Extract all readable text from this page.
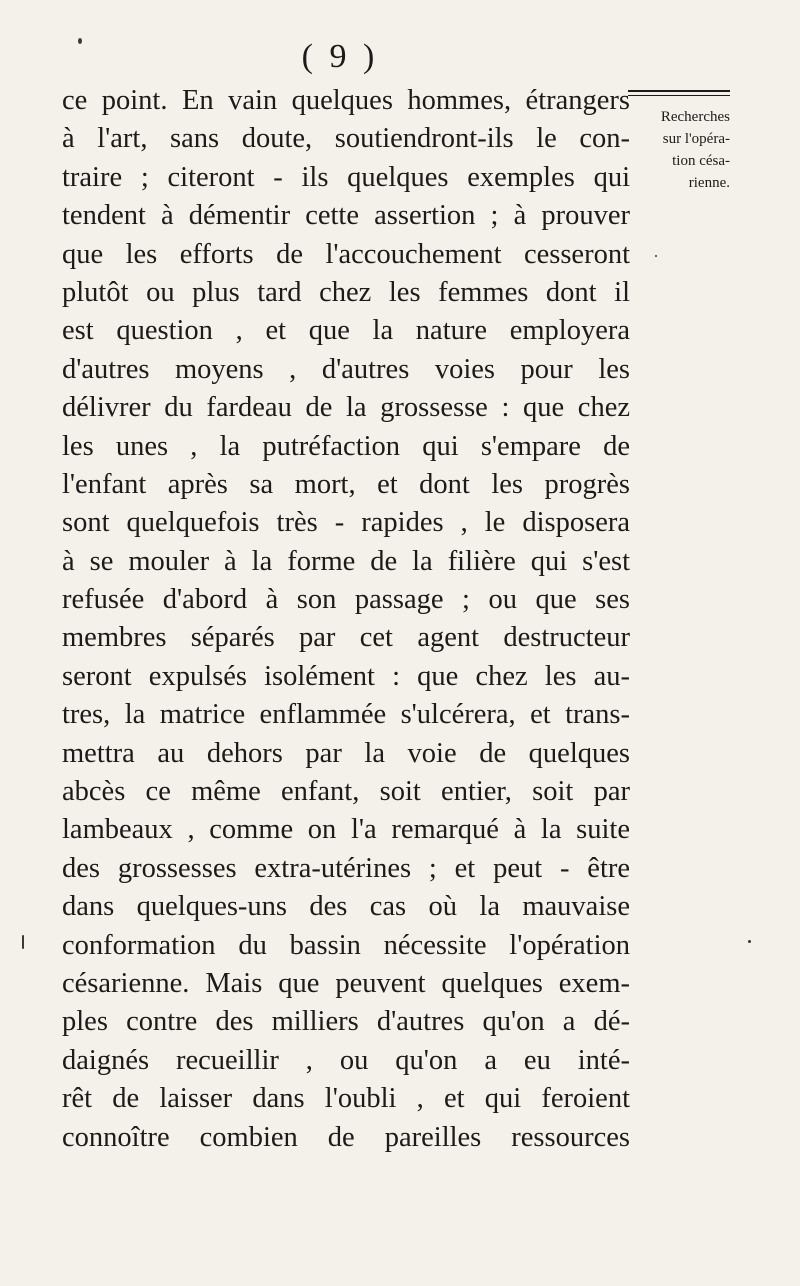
( 9 )
Recherches
sur l'opéra-
tion césa-
rienne.
ce point. En vain quelques hommes, étrangers
à l'art, sans doute, soutiendront-ils le con-
traire ; citeront - ils quelques exemples qui
tendent à démentir cette assertion ; à prouver
que les efforts de l'accouchement cesseront
plutôt ou plus tard chez les femmes dont il
est question , et que la nature employera
d'autres moyens , d'autres voies pour les
délivrer du fardeau de la grossesse : que chez
les unes , la putréfaction qui s'empare de
l'enfant après sa mort, et dont les progrès
sont quelquefois très - rapides , le disposera
à se mouler à la forme de la filière qui s'est
refusée d'abord à son passage ; ou que ses
membres séparés par cet agent destructeur
seront expulsés isolément : que chez les au-
tres, la matrice enflammée s'ulcérera, et trans-
mettra au dehors par la voie de quelques
abcès ce même enfant, soit entier, soit par
lambeaux , comme on l'a remarqué à la suite
des grossesses extra-utérines ; et peut - être
dans quelques-uns des cas où la mauvaise
conformation du bassin nécessite l'opération
césarienne. Mais que peuvent quelques exem-
ples contre des milliers d'autres qu'on a dé-
daignés recueillir , ou qu'on a eu inté-
rêt de laisser dans l'oubli , et qui feroient
connoître combien de pareilles ressources
